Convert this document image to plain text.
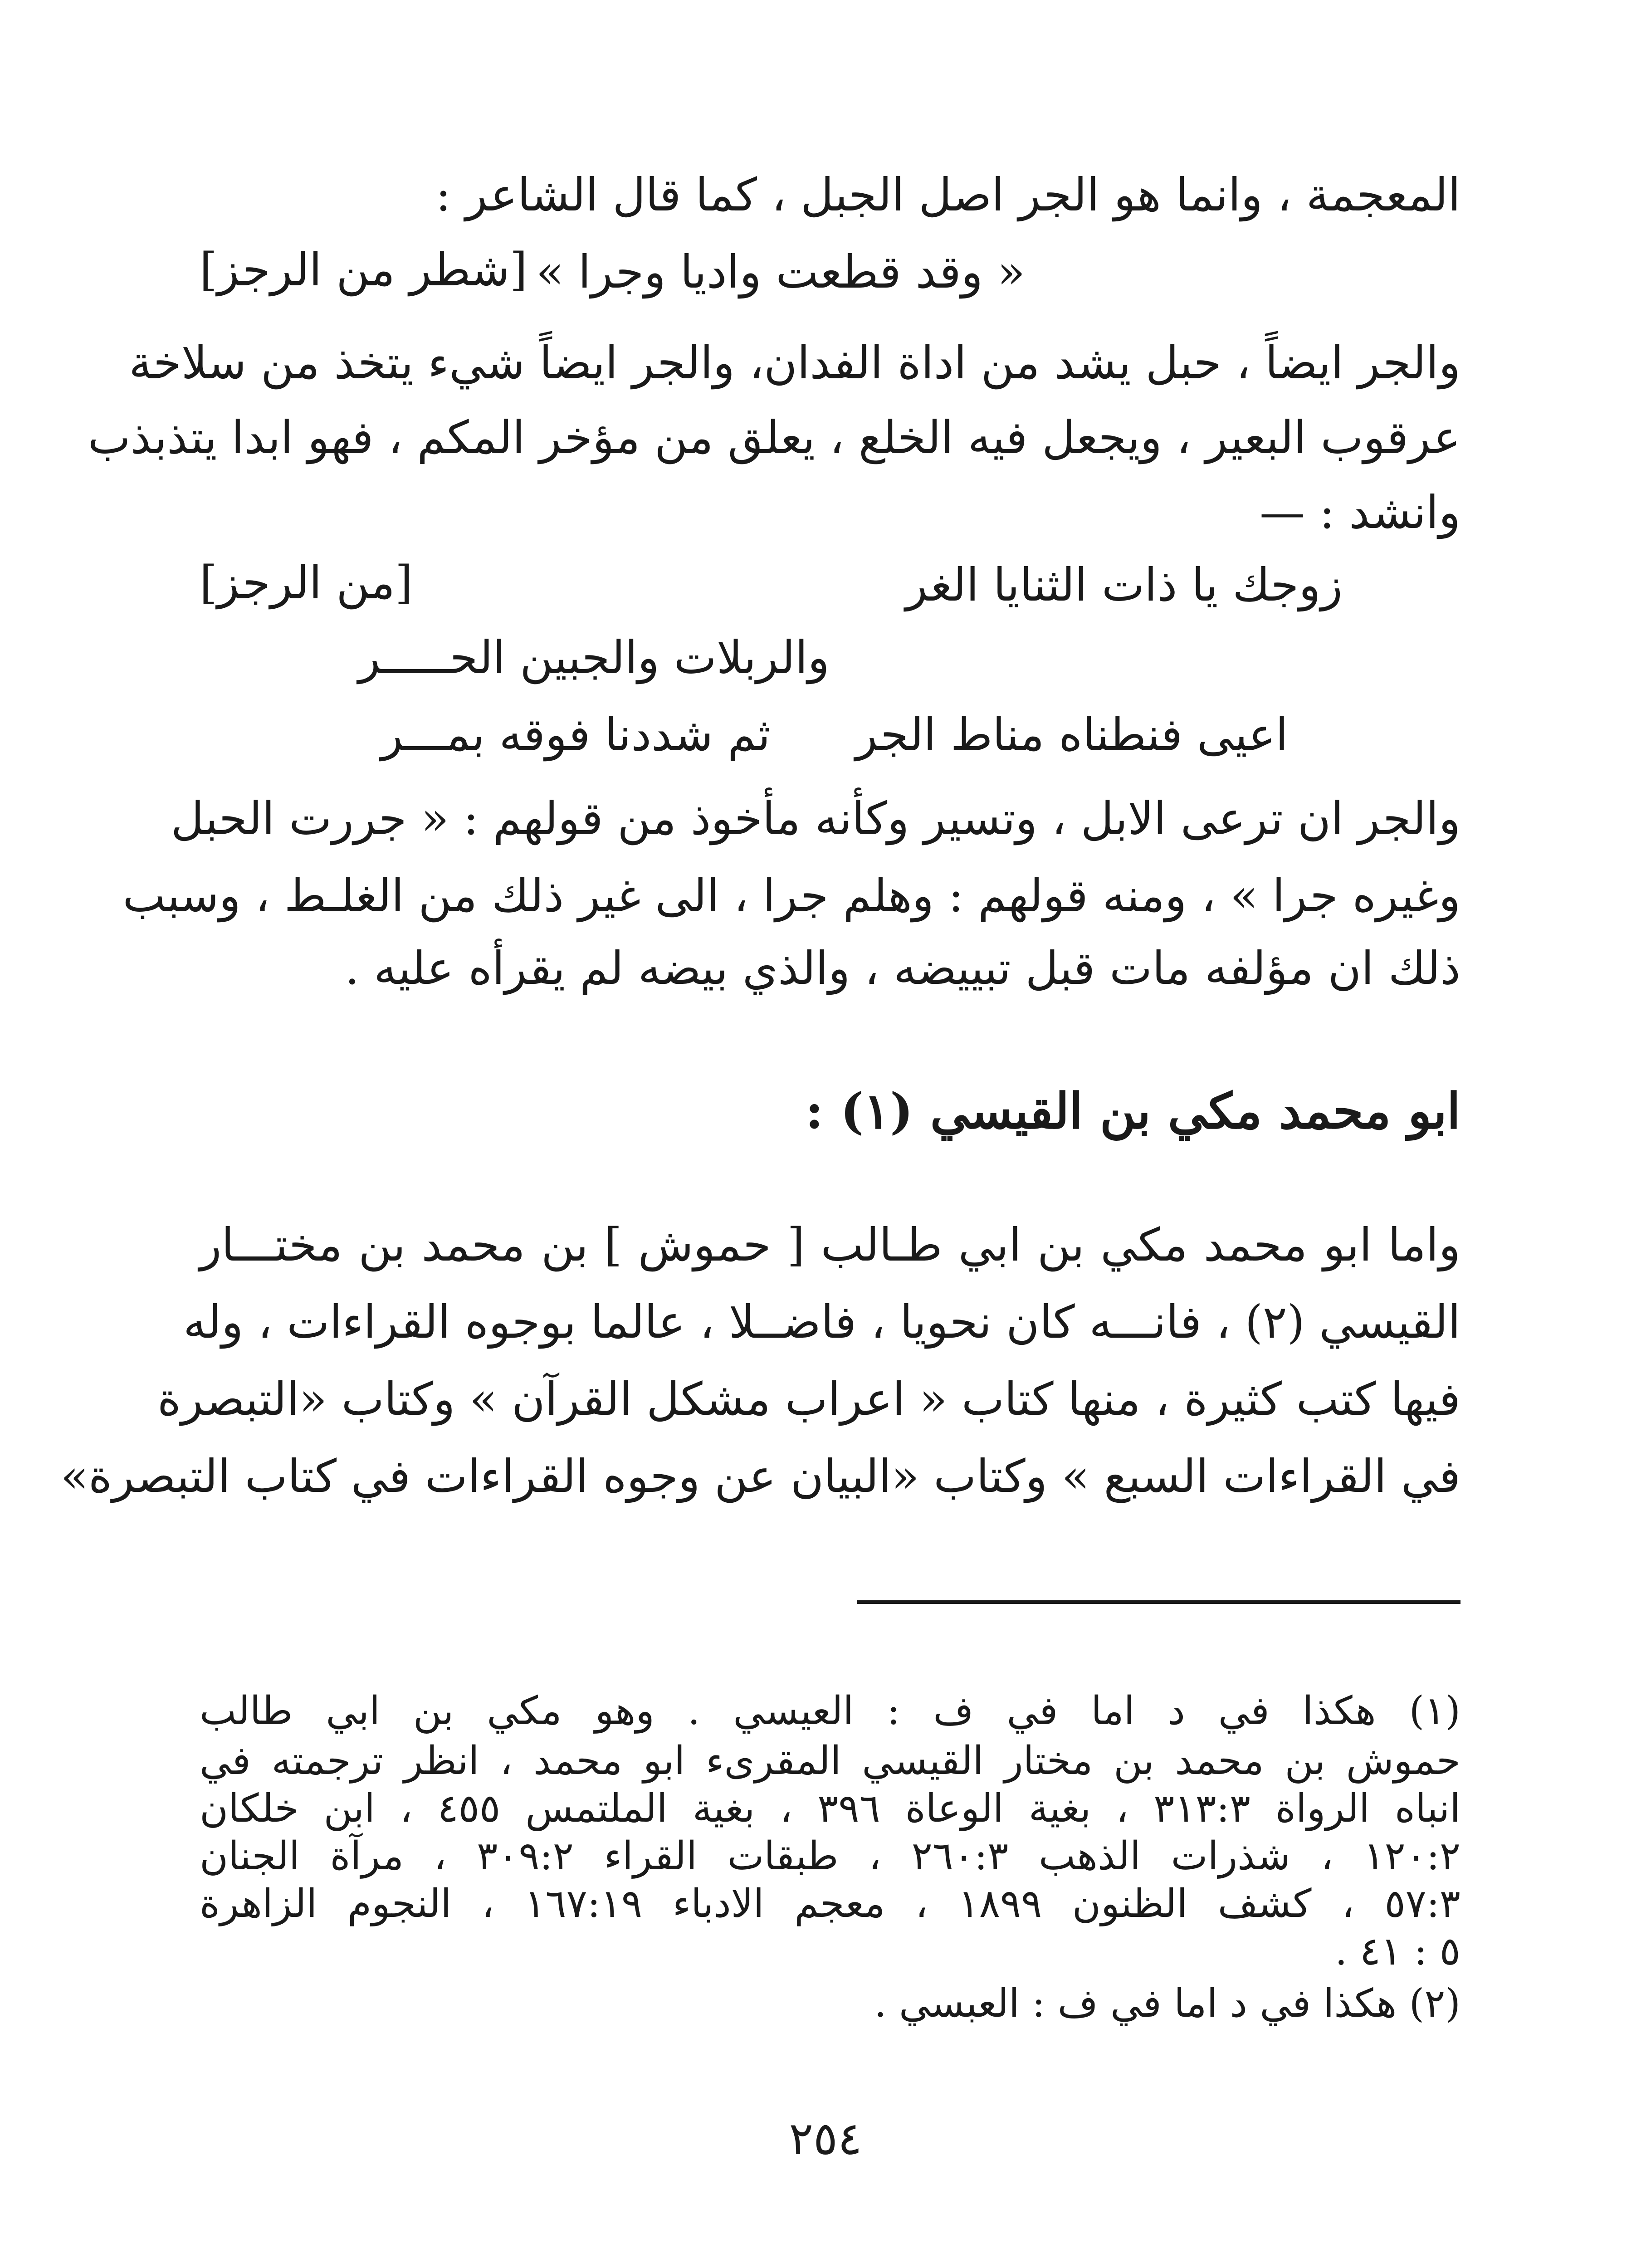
المعجمة ، وانما هو الجر اصل الجبل ، كما قال الشاعر :
« وقد قطعت واديا وجرا »
[شطر من الرجز]
والجر ايضاً ، حبل يشد من اداة الفدان، والجر ايضاً شيء يتخذ من سلاخة
عرقوب البعير ، ويجعل فيه الخلع ، يعلق من مؤخر المكم ، فهو ابدا يتذبذب
وانشد : —
زوجك يا ذات الثنايا الغر
[من الرجز]
والربلات والجبين الحـــــر
اعيى فنطناه مناط الجر
ثم شددنا فوقه بمـــر
والجر ان ترعى الابل ، وتسير وكأنه مأخوذ من قولهم : « جررت الحبل
وغيره جرا » ، ومنه قولهم : وهلم جرا ، الى غير ذلك من الغلـط ، وسبب
ذلك ان مؤلفه مات قبل تبييضه ، والذي بيضه لم يقرأه عليه .
ابو محمد مكي بن القيسي (١) :
واما ابو محمد مكي بن ابي طـالب [ حموش ] بن محمد بن مختـــار
القيسي (٢) ، فانـــه كان نحويا ، فاضــلا ، عالما بوجوه القراءات ، وله
فيها كتب كثيرة ، منها كتاب « اعراب مشكل القرآن » وكتاب «التبصرة
في القراءات السبع » وكتاب «البيان عن وجوه القراءات في كتاب التبصرة»
(١) هكذا في د اما في ف : العيسي . وهو مكي بن ابي طالب
حموش بن محمد بن مختار القيسي المقرىء ابو محمد ، انظر ترجمته في
انباه الرواة ٣١٣:٣ ، بغية الوعاة ٣٩٦ ، بغية الملتمس ٤٥٥ ، ابن خلكان
١٢٠:٢ ، شذرات الذهب ٢٦٠:٣ ، طبقات القراء ٣٠٩:٢ ، مرآة الجنان
٥٧:٣ ، كشف الظنون ١٨٩٩ ، معجم الادباء ١٦٧:١٩ ، النجوم الزاهرة
٥ : ٤١ .
(٢) هكذا في د اما في ف : العبسي .
٢٥٤
